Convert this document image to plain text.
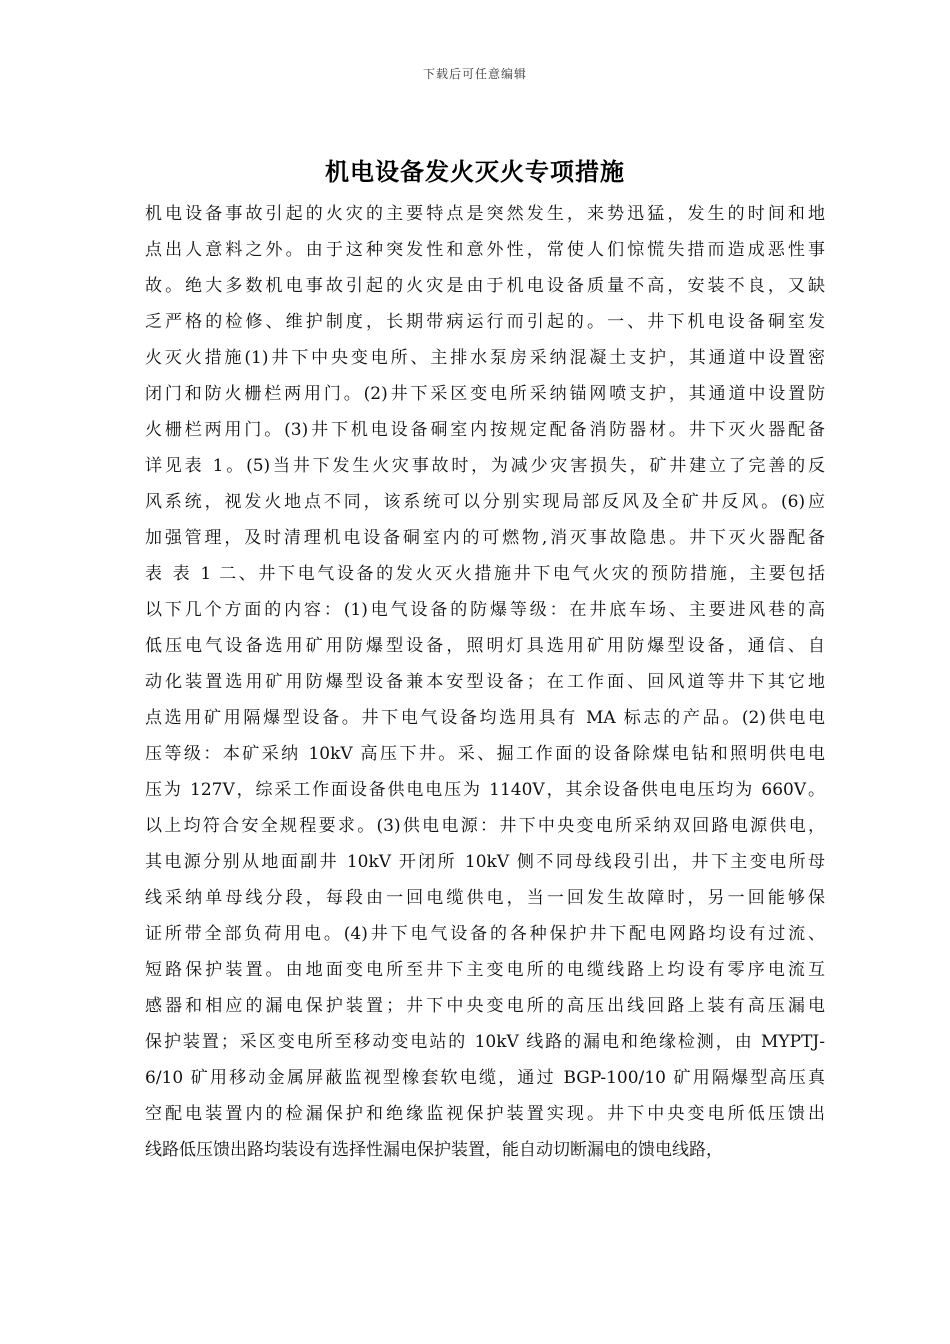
下载后可任意编辑
机电设备发火灭火专项措施
机电设备事故引起的火灾的主要特点是突然发生，来势迅猛，发生的时间和地
点出人意料之外。由于这种突发性和意外性，常使人们惊慌失措而造成恶性事
故。绝大多数机电事故引起的火灾是由于机电设备质量不高，安装不良，又缺
乏严格的检修、维护制度，长期带病运行而引起的。一、井下机电设备硐室发
火灭火措施(1)井下中央变电所、主排水泵房采纳混凝土支护，其通道中设置密
闭门和防火栅栏两用门。(2)井下采区变电所采纳锚网喷支护，其通道中设置防
火栅栏两用门。(3)井下机电设备硐室内按规定配备消防器材。井下灭火器配备
详见表 1。(5)当井下发生火灾事故时，为减少灾害损失，矿井建立了完善的反
风系统，视发火地点不同，该系统可以分别实现局部反风及全矿井反风。(6)应
加强管理，及时清理机电设备硐室内的可燃物,消灭事故隐患。井下灭火器配备
表 表 1 二、井下电气设备的发火灭火措施井下电气火灾的预防措施，主要包括
以下几个方面的内容：(1)电气设备的防爆等级：在井底车场、主要进风巷的高
低压电气设备选用矿用防爆型设备，照明灯具选用矿用防爆型设备，通信、自
动化装置选用矿用防爆型设备兼本安型设备；在工作面、回风道等井下其它地
点选用矿用隔爆型设备。井下电气设备均选用具有 MA 标志的产品。(2)供电电
压等级：本矿采纳 10kV 高压下井。采、掘工作面的设备除煤电钻和照明供电电
压为 127V，综采工作面设备供电电压为 1140V，其余设备供电电压均为 660V。
以上均符合安全规程要求。(3)供电电源：井下中央变电所采纳双回路电源供电，
其电源分别从地面副井 10kV 开闭所 10kV 侧不同母线段引出，井下主变电所母
线采纳单母线分段，每段由一回电缆供电，当一回发生故障时，另一回能够保
证所带全部负荷用电。(4)井下电气设备的各种保护井下配电网路均设有过流、
短路保护装置。由地面变电所至井下主变电所的电缆线路上均设有零序电流互
感器和相应的漏电保护装置；井下中央变电所的高压出线回路上装有高压漏电
保护装置；采区变电所至移动变电站的 10kV 线路的漏电和绝缘检测，由 MYPTJ-
6/10 矿用移动金属屏蔽监视型橡套软电缆，通过 BGP-100/10 矿用隔爆型高压真
空配电装置内的检漏保护和绝缘监视保护装置实现。井下中央变电所低压馈出
线路低压馈出路均装设有选择性漏电保护装置，能自动切断漏电的馈电线路，
